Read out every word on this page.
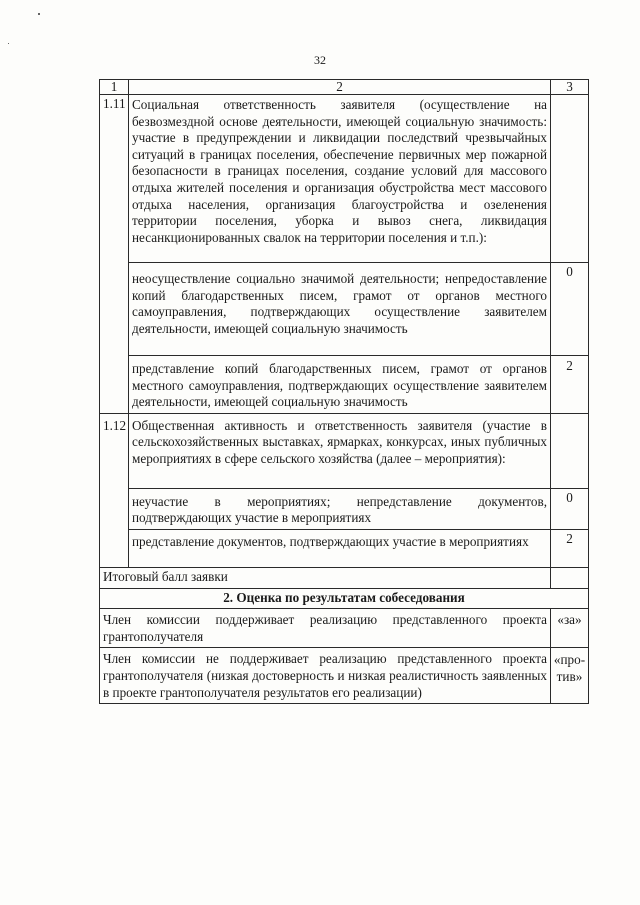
32
1	2	3
1.11	Социальная ответственность заявителя (осуществление на безвозмездной основе деятельности, имеющей социальную значимость: участие в предупреждении и ликвидации последствий чрезвычайных ситуаций в границах поселения, обеспечение первичных мер пожарной безопасности в границах поселения, создание условий для массового отдыха жителей поселения и организация обустройства мест массового отдыха населения, организация благоустройства и озеленения территории поселения, уборка и вывоз снега, ликвидация несанкционированных свалок на территории поселения и т.п.):	
	неосуществление социально значимой деятельности; непредоставление копий благодарственных писем, грамот от органов местного самоуправления, подтверждающих осуществление заявителем деятельности, имеющей социальную значимость	0
	представление копий благодарственных писем, грамот от органов местного самоуправления, подтверждающих осуществление заявителем деятельности, имеющей социальную значимость	2
1.12	Общественная активность и ответственность заявителя (участие в сельскохозяйственных выставках, ярмарках, конкурсах, иных публичных мероприятиях в сфере сельского хозяйства (далее – мероприятия):	
	неучастие в мероприятиях; непредставление документов, подтверждающих участие в мероприятиях	0
	представление документов, подтверждающих участие в мероприятиях	2
Итоговый балл заявки		
2. Оценка по результатам собеседования		
Член комиссии поддерживает реализацию представленного проекта грантополучателя		«за»
Член комиссии не поддерживает реализацию представленного проекта грантополучателя (низкая достоверность и низкая реалистичность заявленных в проекте грантополучателя результатов его реализации)		«про-тив»
